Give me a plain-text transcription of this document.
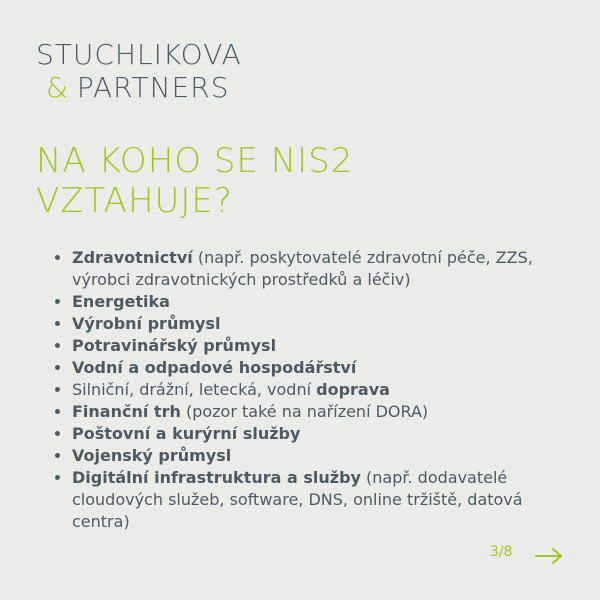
STUCHLIKOVA
& PARTNERS
NA KOHO SE NIS2
VZTAHUJE?
• Zdravotnictví (např. poskytovatelé zdravotní péče, ZZS, výrobci zdravotnických prostředků a léčiv)
• Energetika
• Výrobní průmysl
• Potravinářský průmysl
• Vodní a odpadové hospodářství
• Silniční, drážní, letecká, vodní doprava
• Finanční trh (pozor také na nařízení DORA)
• Poštovní a kurýrní služby
• Vojenský průmysl
• Digitální infrastruktura a služby (např. dodavatelé cloudových služeb, software, DNS, online tržiště, datová centra)
3/8
